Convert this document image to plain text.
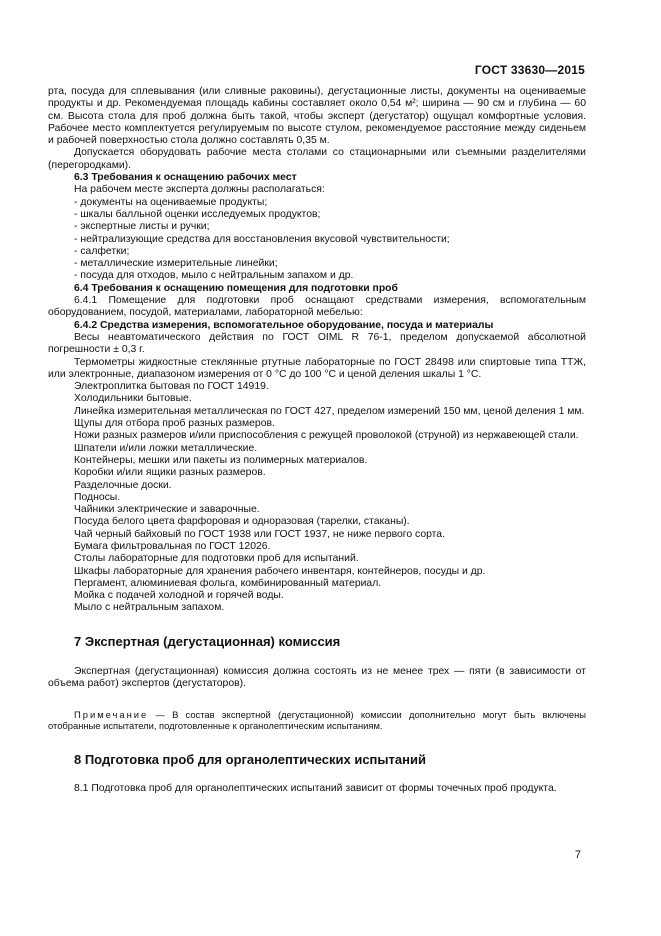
ГОСТ 33630—2015

рта, посуда для сплевывания (или сливные раковины), дегустационные листы, документы на оцениваемые продукты и др. Рекомендуемая площадь кабины составляет около 0,54 м²; ширина — 90 см и глубина — 60 см. Высота стола для проб должна быть такой, чтобы эксперт (дегустатор) ощущал комфортные условия. Рабочее место комплектуется регулируемым по высоте стулом, рекомендуемое расстояние между сиденьем и рабочей поверхностью стола должно составлять 0,35 м.

Допускается оборудовать рабочие места столами со стационарными или съемными разделителями (перегородками).

6.3 Требования к оснащению рабочих мест

На рабочем месте эксперта должны располагаться:

- документы на оцениваемые продукты;

- шкалы балльной оценки исследуемых продуктов;

- экспертные листы и ручки;

- нейтрализующие средства для восстановления вкусовой чувствительности;

- салфетки;

- металлические измерительные линейки;

- посуда для отходов, мыло с нейтральным запахом и др.

6.4 Требования к оснащению помещения для подготовки проб

6.4.1 Помещение для подготовки проб оснащают средствами измерения, вспомогательным оборудованием, посудой, материалами, лабораторной мебелью:

6.4.2 Средства измерения, вспомогательное оборудование, посуда и материалы

Весы неавтоматического действия по ГОСТ OIML R 76-1, пределом допускаемой абсолютной погрешности ± 0,3 г.

Термометры жидкостные стеклянные ртутные лабораторные по ГОСТ 28498 или спиртовые типа ТТЖ, или электронные, диапазоном измерения от 0 °С до 100 °С и ценой деления шкалы 1 °С.

Электроплитка бытовая по ГОСТ 14919.

Холодильники бытовые.

Линейка измерительная металлическая по ГОСТ 427, пределом измерений 150 мм, ценой деления 1 мм.

Щупы для отбора проб разных размеров.

Ножи разных размеров и/или приспособления с режущей проволокой (струной) из нержавеющей стали.

Шпатели и/или ложки металлические.

Контейнеры, мешки или пакеты из полимерных материалов.

Коробки и/или ящики разных размеров.

Разделочные доски.

Подносы.

Чайники электрические и заварочные.

Посуда белого цвета фарфоровая и одноразовая (тарелки, стаканы).

Чай черный байховый по ГОСТ 1938 или ГОСТ 1937, не ниже первого сорта.

Бумага фильтровальная по ГОСТ 12026.

Столы лабораторные для подготовки проб для испытаний.

Шкафы лабораторные для хранения рабочего инвентаря, контейнеров, посуды и др.

Пергамент, алюминиевая фольга, комбинированный материал.

Мойка с подачей холодной и горячей воды.

Мыло с нейтральным запахом.

7 Экспертная (дегустационная) комиссия

Экспертная (дегустационная) комиссия должна состоять из не менее трех — пяти (в зависимости от объема работ) экспертов (дегустаторов).

Примечание — В состав экспертной (дегустационной) комиссии дополнительно могут быть включены отобранные испытатели, подготовленные к органолептическим испытаниям.

8 Подготовка проб для органолептических испытаний

8.1 Подготовка проб для органолептических испытаний зависит от формы точечных проб продукта.

7
